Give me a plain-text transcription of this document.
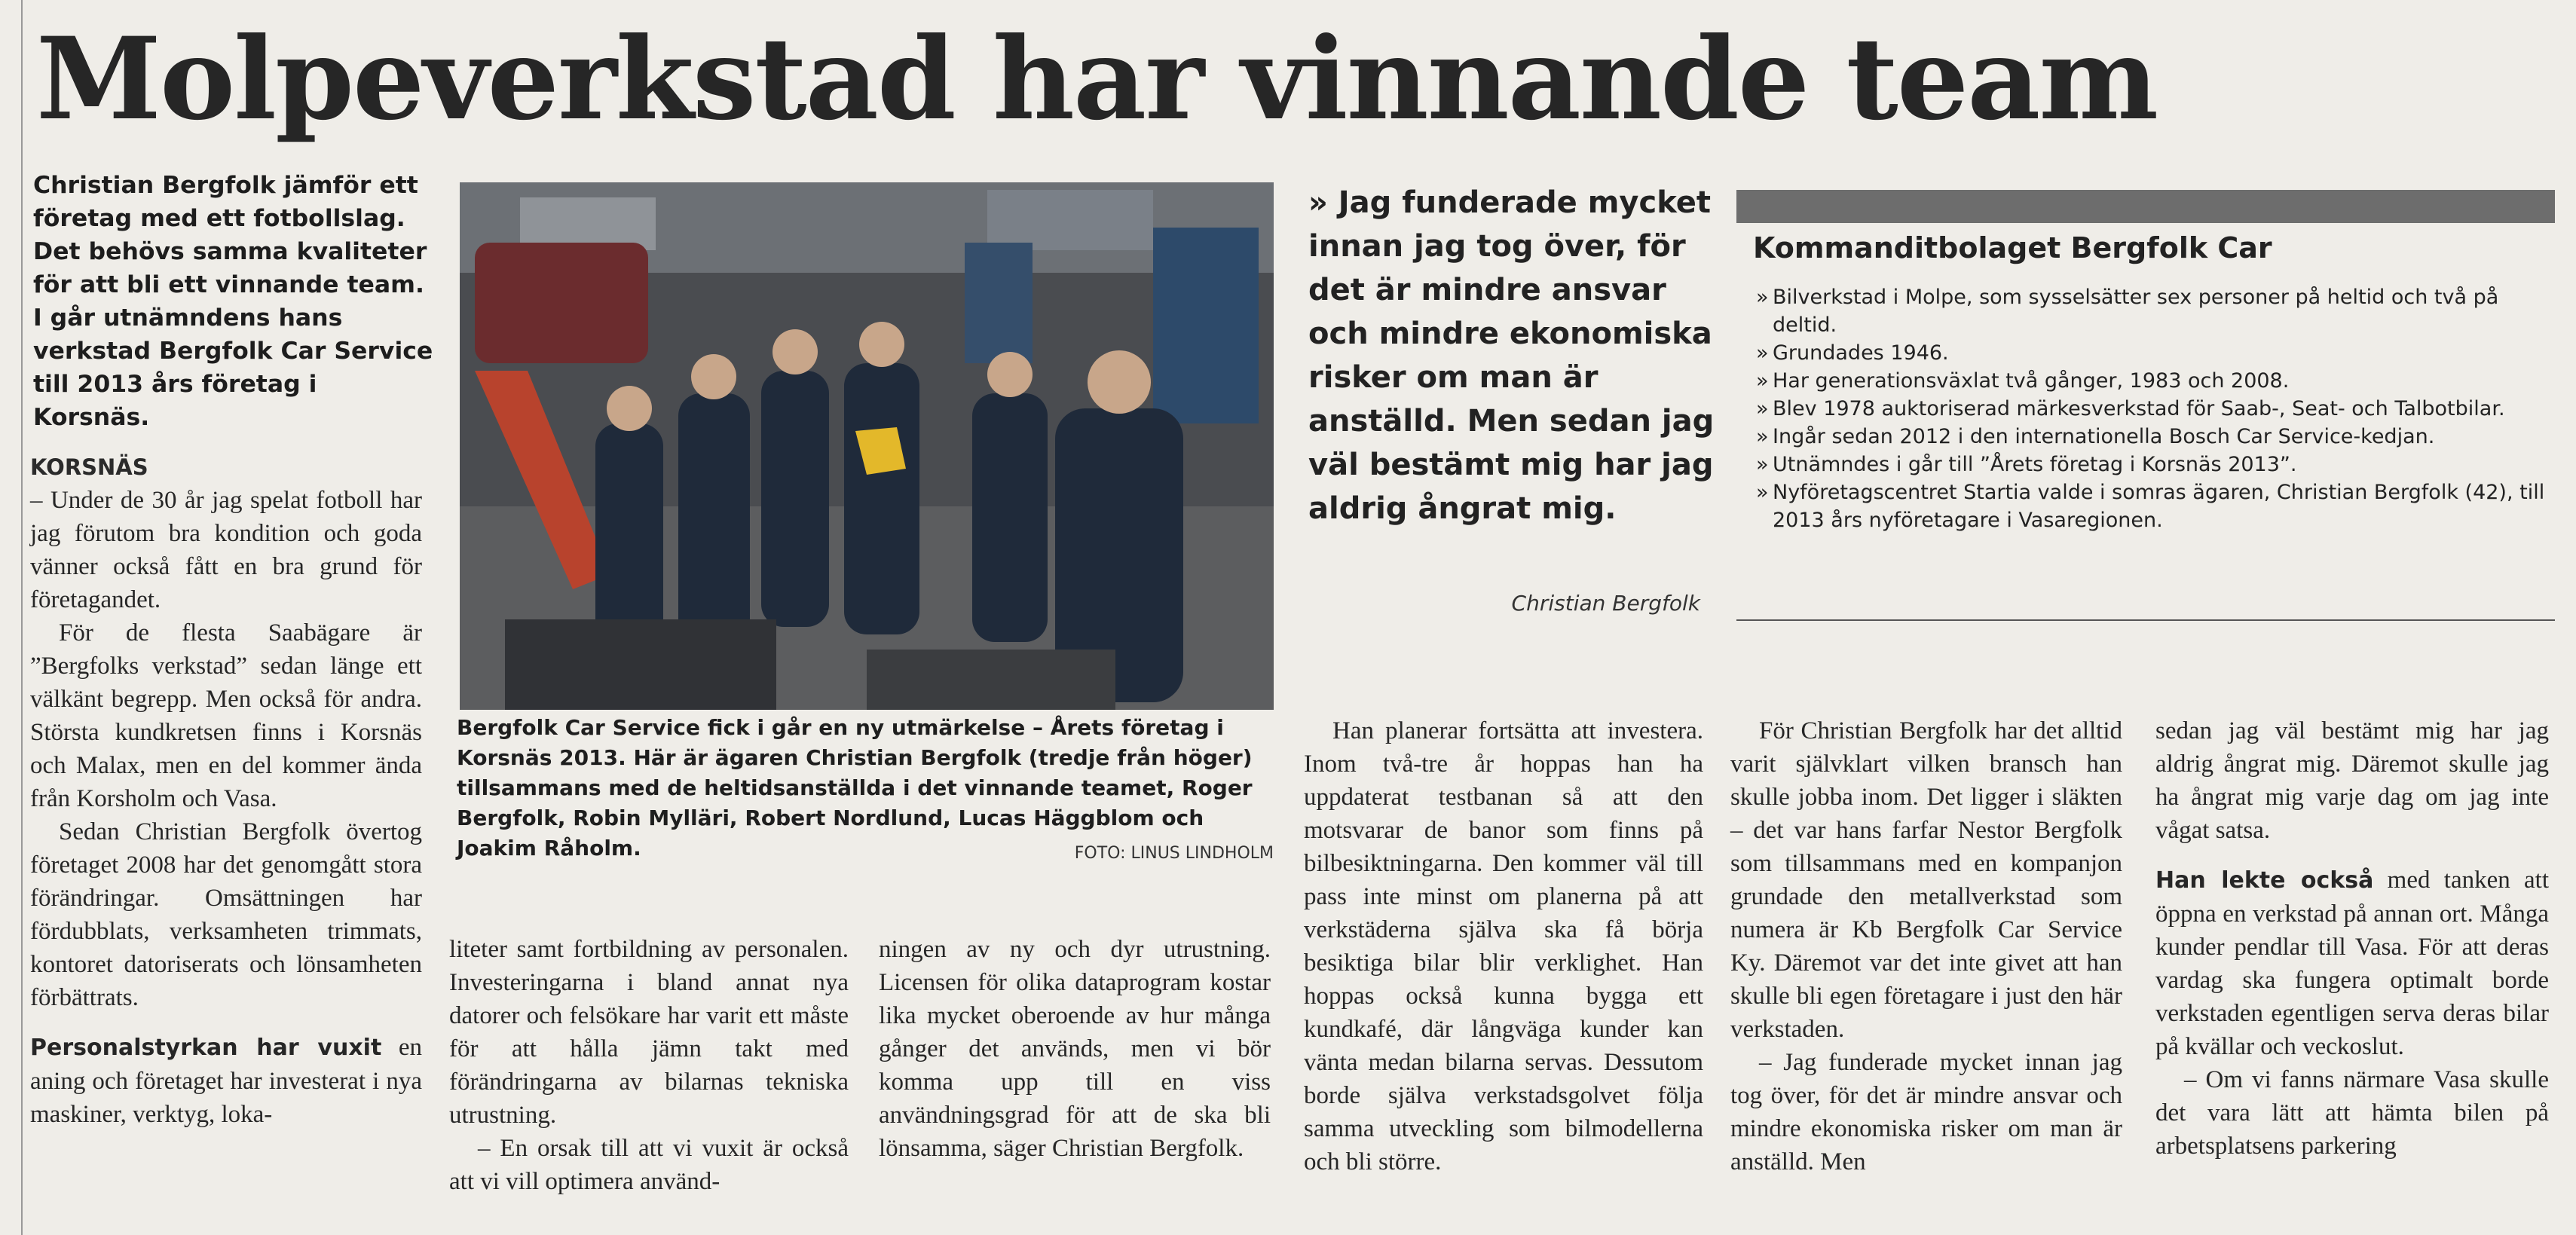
Molpeverkstad har vinnande team
Christian Bergfolk jämför ett företag med ett fotbollslag. Det behövs samma kvaliteter för att bli ett vinnande team. I går utnämndens hans verkstad Bergfolk Car Service till 2013 års företag i Korsnäs.
KORSNÄS

– Under de 30 år jag spelat fotboll har jag förutom bra kondition och goda vänner också fått en bra grund för företagandet.

För de flesta Saabägare är ”Bergfolks verkstad” sedan länge ett välkänt begrepp. Men också för andra. Största kundkretsen finns i Korsnäs och Malax, men en del kommer ända från Korsholm och Vasa.

Sedan Christian Bergfolk övertog företaget 2008 har det genomgått stora förändringar. Omsättningen har fördubblats, verksamheten trimmats, kontoret datoriserats och lönsamheten förbättrats.

Personalstyrkan har vuxit en aning och företaget har investerat i nya maskiner, verktyg, loka-

Bergfolk Car Service fick i går en ny utmärkelse – Årets företag i Korsnäs 2013. Här är ägaren Christian Bergfolk (tredje från höger) tillsammans med de heltidsanställda i det vinnande teamet, Roger Bergfolk, Robin Mylläri, Robert Nordlund, Lucas Häggblom och Joakim Råholm.	FOTO: LINUS LINDHOLM
» Jag funderade mycket innan jag tog över, för det är mindre ansvar och mindre ekonomiska risker om man är anställd. Men sedan jag väl bestämt mig har jag aldrig ångrat mig.
Christian Bergfolk
Kommanditbolaget Bergfolk Car
» Bilverkstad i Molpe, som sysselsätter sex personer på heltid och två på deltid.
» Grundades 1946.
» Har generationsväxlat två gånger, 1983 och 2008.
» Blev 1978 auktoriserad märkesverkstad för Saab-, Seat- och Talbotbilar.
» Ingår sedan 2012 i den internationella Bosch Car Service-kedjan.
» Utnämndes i går till ”Årets företag i Korsnäs 2013”.
» Nyföretagscentret Startia valde i somras ägaren, Christian Bergfolk (42), till 2013 års nyföretagare i Vasaregionen.

liteter samt fortbildning av personalen. Investeringarna i bland annat nya datorer och felsökare har varit ett måste för att hålla jämn takt med förändringarna av bilarnas tekniska utrustning.

– En orsak till att vi vuxit är också att vi vill optimera använd-

ningen av ny och dyr utrustning. Licensen för olika dataprogram kostar lika mycket oberoende av hur många gånger det används, men vi bör komma upp till en viss användningsgrad för att de ska bli lönsamma, säger Christian Bergfolk.

Han planerar fortsätta att investera. Inom två-tre år hoppas han ha uppdaterat testbanan så att den motsvarar de banor som finns på bilbesiktningarna. Den kommer väl till pass inte minst om planerna på att verkstäderna själva ska få börja besiktiga bilar blir verklighet. Han hoppas också kunna bygga ett kundkafé, där långväga kunder kan vänta medan bilarna servas. Dessutom borde själva verkstadsgolvet följa samma utveckling som bilmodellerna och bli större.

För Christian Bergfolk har det alltid varit självklart vilken bransch han skulle jobba inom. Det ligger i släkten – det var hans farfar Nestor Bergfolk som tillsammans med en kompanjon grundade den metallverkstad som numera är Kb Bergfolk Car Service Ky. Däremot var det inte givet att han skulle bli egen företagare i just den här verkstaden.

– Jag funderade mycket innan jag tog över, för det är mindre ansvar och mindre ekonomiska risker om man är anställd. Men

sedan jag väl bestämt mig har jag aldrig ångrat mig. Däremot skulle jag ha ångrat mig varje dag om jag inte vågat satsa.

Han lekte också med tanken att öppna en verkstad på annan ort. Många kunder pendlar till Vasa. För att deras vardag ska fungera optimalt borde verkstaden egentligen serva deras bilar på kvällar och veckoslut.

– Om vi fanns närmare Vasa skulle det vara lätt att hämta bilen på arbetsplatsens parkering
